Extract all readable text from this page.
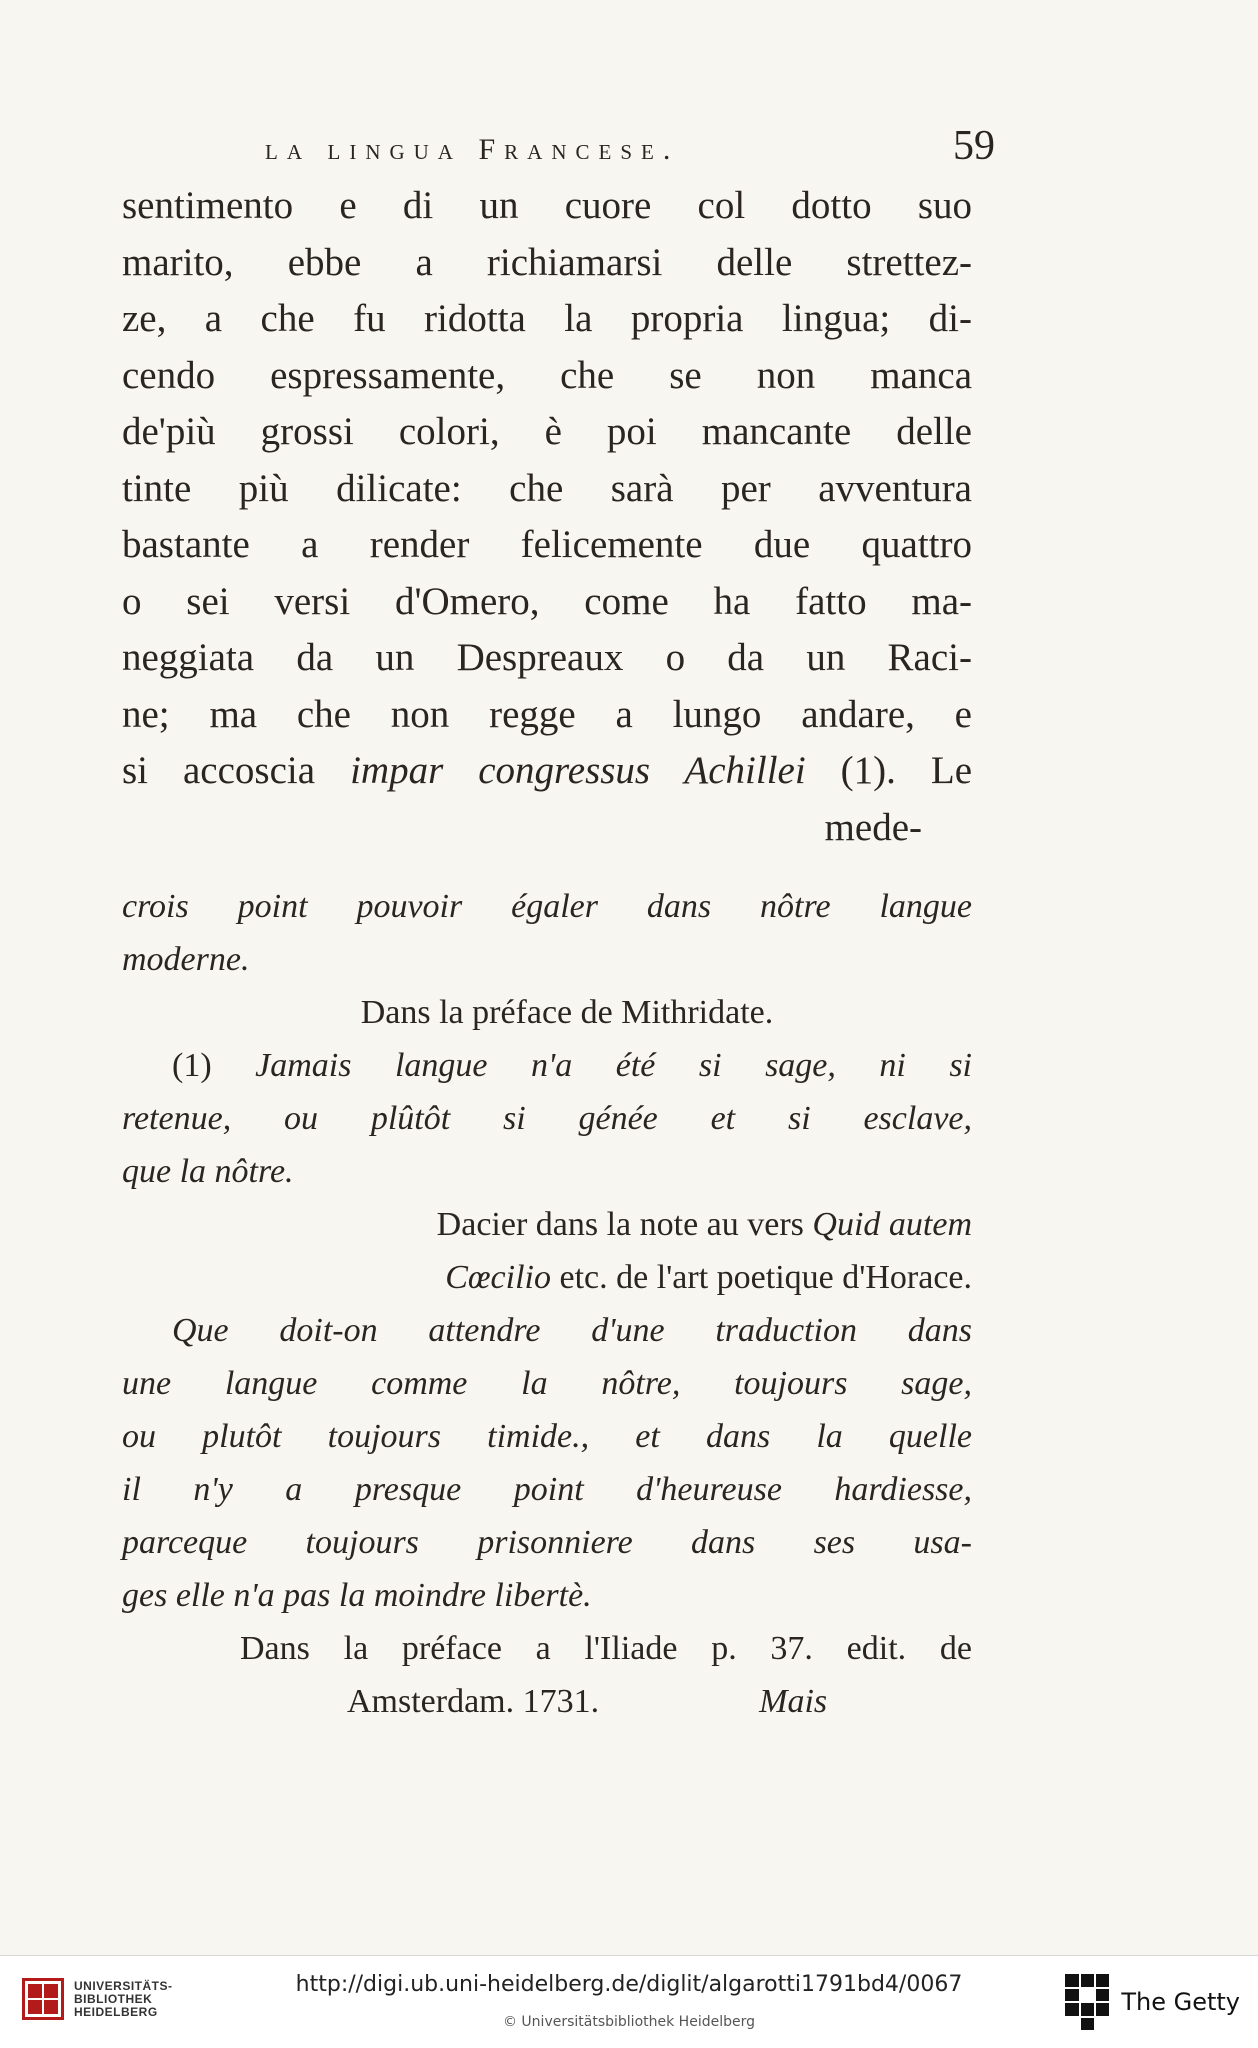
la lingua Francese.	59
sentimento e di un cuore col dotto suo
marito, ebbe a richiamarsi delle strettez-
ze, a che fu ridotta la propria lingua; di-
cendo espressamente, che se non manca
de'più grossi colori, è poi mancante delle
tinte più dilicate: che sarà per avventura
bastante a render felicemente due quattro
o sei versi d'Omero, come ha fatto ma-
neggiata da un Despreaux o da un Raci-
ne; ma che non regge a lungo andare, e
si accoscia impar congressus Achillei (1). Le
mede-
crois point pouvoir égaler dans nôtre langue
moderne.
Dans la préface de Mithridate.
(1) Jamais langue n'a été si sage, ni si
retenue, ou plûtôt si génée et si esclave,
que la nôtre.
Dacier dans la note au vers Quid autem
Cœcilio etc. de l'art poetique d'Horace.
Que doit-on attendre d'une traduction dans
une langue comme la nôtre, toujours sage,
ou plutôt toujours timide., et dans la quelle
il n'y a presque point d'heureuse hardiesse,
parceque toujours prisonniere dans ses usa-
ges elle n'a pas la moindre libertè.
Dans la préface a l'Iliade p. 37. edit. de
Amsterdam. 1731.	Mais
UNIVERSITÄTS-
BIBLIOTHEK
HEIDELBERG
http://digi.ub.uni-heidelberg.de/diglit/algarotti1791bd4/0067
© Universitätsbibliothek Heidelberg
The Getty
